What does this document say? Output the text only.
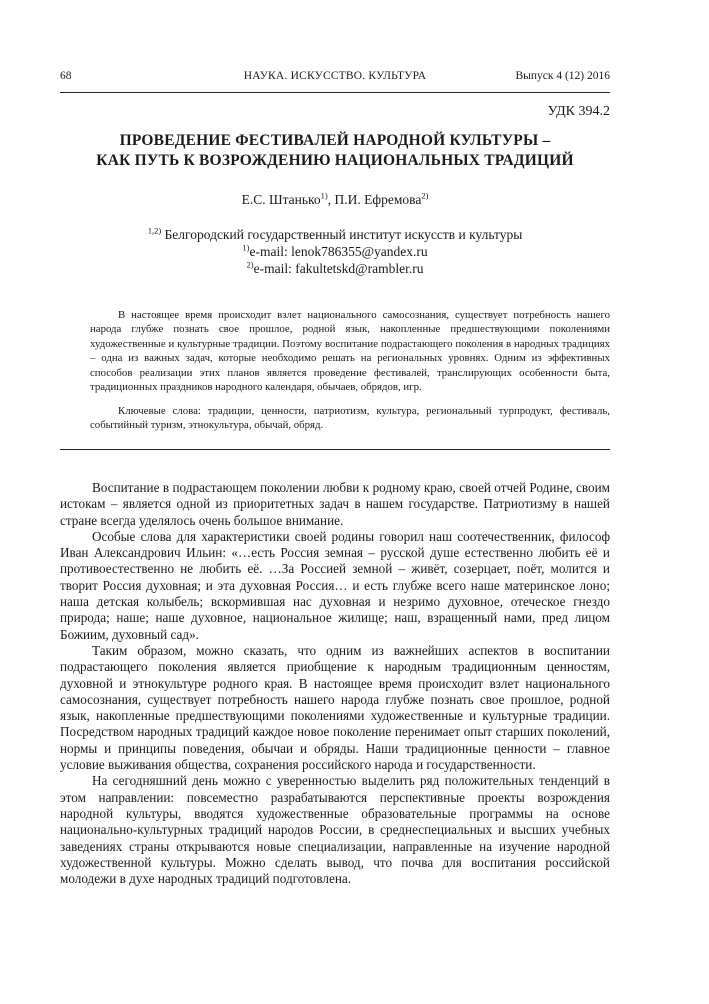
68	НАУКА. ИСКУССТВО. КУЛЬТУРА	Выпуск 4 (12) 2016
УДК 394.2
ПРОВЕДЕНИЕ ФЕСТИВАЛЕЙ НАРОДНОЙ КУЛЬТУРЫ –
КАК ПУТЬ К ВОЗРОЖДЕНИЮ НАЦИОНАЛЬНЫХ ТРАДИЦИЙ
Е.С. Штанько$^{1)}$, П.И. Ефремова$^{2)}$
$^{1,2)}$ Белгородский государственный институт искусств и культуры
$^{1)}$e-mail: lenok786355@yandex.ru
$^{2)}$e-mail: fakultetskd@rambler.ru
В настоящее время происходит взлет национального самосознания, существует потребность нашего народа глубже познать свое прошлое, родной язык, накопленные предшествующими поколениями художественные и культурные традиции. Поэтому воспитание подрастающего поколения в народных традициях – одна из важных задач, которые необходимо решать на региональных уровнях. Одним из эффективных способов реализации этих планов является проведение фестивалей, транслирующих особенности быта, традиционных праздников народного календаря, обычаев, обрядов, игр.
Ключевые слова: традиции, ценности, патриотизм, культура, региональный турпродукт, фестиваль, событийный туризм, этнокультура, обычай, обряд.

Воспитание в подрастающем поколении любви к родному краю, своей отчей Родине, своим истокам – является одной из приоритетных задач в нашем государстве. Патриотизму в нашей стране всегда уделялось очень большое внимание.

Особые слова для характеристики своей родины говорил наш соотечественник, философ Иван Александрович Ильин: «…есть Россия земная – русской душе естественно любить её и противоестественно не любить её. …За Россией земной – живёт, созерцает, поёт, молится и творит Россия духовная; и эта духовная Россия… и есть глубже всего наше материнское лоно; наша детская колыбель; вскормившая нас духовная и незримо духовное, отеческое гнездо природа; наше; наше духовное, национальное жилище; наш, взращенный нами, пред лицом Божиим, духовный сад».

Таким образом, можно сказать, что одним из важнейших аспектов в воспитании подрастающего поколения является приобщение к народным традиционным ценностям, духовной и этнокультуре родного края. В настоящее время происходит взлет национального самосознания, существует потребность нашего народа глубже познать свое прошлое, родной язык, накопленные предшествующими поколениями художественные и культурные традиции. Посредством народных традиций каждое новое поколение перенимает опыт старших поколений, нормы и принципы поведения, обычаи и обряды. Наши традиционные ценности – главное условие выживания общества, сохранения российского народа и государственности.

На сегодняшний день можно с уверенностью выделить ряд положительных тенденций в этом направлении: повсеместно разрабатываются перспективные проекты возрождения народной культуры, вводятся художественные образовательные программы на основе национально-культурных традиций народов России, в среднеспециальных и высших учебных заведениях страны открываются новые специализации, направленные на изучение народной художественной культуры. Можно сделать вывод, что почва для воспитания российской молодежи в духе народных традиций подготовлена.
